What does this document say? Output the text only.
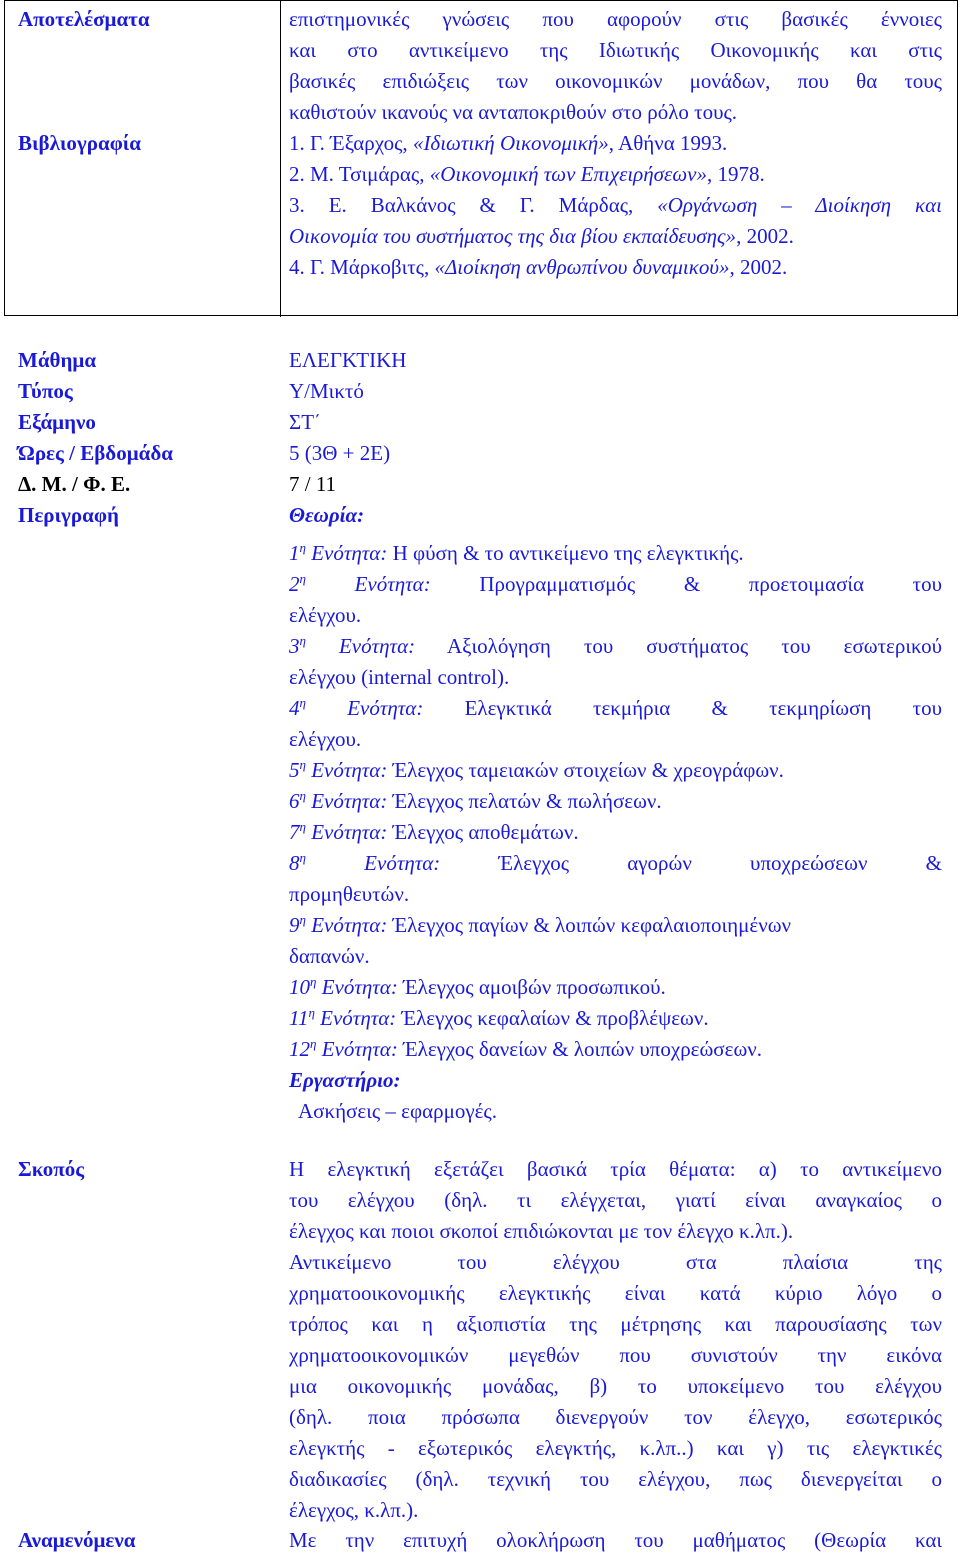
Αποτελέσματα	επιστημονικές γνώσεις που αφορούν στις βασικές έννοιες
και στο αντικείμενο της Ιδιωτικής Οικονομικής και στις
βασικές επιδιώξεις των οικονομικών μονάδων, που θα τους
καθιστούν ικανούς να ανταποκριθούν στο ρόλο τους.
Βιβλιογραφία	1. Γ. Έξαρχος, «Ιδιωτική Οικονομική», Αθήνα 1993.
2. Μ. Τσιμάρας, «Οικονομική των Επιχειρήσεων», 1978.
3. Ε. Βαλκάνος & Γ. Μάρδας, «Οργάνωση – Διοίκηση και
Οικονομία του συστήματος της δια βίου εκπαίδευσης», 2002.
4. Γ. Μάρκοβιτς, «Διοίκηση ανθρωπίνου δυναμικού», 2002.
Μάθημα	ΕΛΕΓΚΤΙΚΗ
Τύπος	Υ/Μικτό
Εξάμηνο	ΣΤ΄
Ώρες / Εβδομάδα	5 (3Θ + 2Ε)
Δ. Μ. / Φ. Ε.	7 / 11
Περιγραφή	Θεωρία:
$1^\eta$ Ενότητα: Η φύση & το αντικείμενο της ελεγκτικής.
$2^\eta$ Ενότητα: Προγραμματισμός & προετοιμασία του
ελέγχου.
$3^\eta$ Ενότητα: Αξιολόγηση του συστήματος του εσωτερικού
ελέγχου (internal control).
$4^\eta$ Ενότητα: Ελεγκτικά τεκμήρια & τεκμηρίωση του
ελέγχου.
$5^\eta$ Ενότητα: Έλεγχος ταμειακών στοιχείων & χρεογράφων.
$6^\eta$ Ενότητα: Έλεγχος πελατών & πωλήσεων.
$7^\eta$ Ενότητα: Έλεγχος αποθεμάτων.
$8^\eta$ Ενότητα: Έλεγχος αγορών υποχρεώσεων &
προμηθευτών.
$9^\eta$ Ενότητα: Έλεγχος παγίων & λοιπών κεφαλαιοποιημένων
δαπανών.
$10^\eta$ Ενότητα: Έλεγχος αμοιβών προσωπικού.
$11^\eta$ Ενότητα: Έλεγχος κεφαλαίων & προβλέψεων.
$12^\eta$ Ενότητα: Έλεγχος δανείων & λοιπών υποχρεώσεων.
Εργαστήριο:
Ασκήσεις – εφαρμογές.
Σκοπός	Η ελεγκτική εξετάζει βασικά τρία θέματα: α) το αντικείμενο
του ελέγχου (δηλ. τι ελέγχεται, γιατί είναι αναγκαίος ο
έλεγχος και ποιοι σκοποί επιδιώκονται με τον έλεγχο κ.λπ.).
Αντικείμενο του ελέγχου στα πλαίσια της
χρηματοοικονομικής ελεγκτικής είναι κατά κύριο λόγο ο
τρόπος και η αξιοπιστία της μέτρησης και παρουσίασης των
χρηματοοικονομικών μεγεθών που συνιστούν την εικόνα
μια οικονομικής μονάδας, β) το υποκείμενο του ελέγχου
(δηλ. ποια πρόσωπα διενεργούν τον έλεγχο, εσωτερικός
ελεγκτής - εξωτερικός ελεγκτής, κ.λπ..) και γ) τις ελεγκτικές
διαδικασίες (δηλ. τεχνική του ελέγχου, πως διενεργείται ο
έλεγχος, κ.λπ.).
Αναμενόμενα	Με την επιτυχή ολοκλήρωση του μαθήματος (Θεωρία και
